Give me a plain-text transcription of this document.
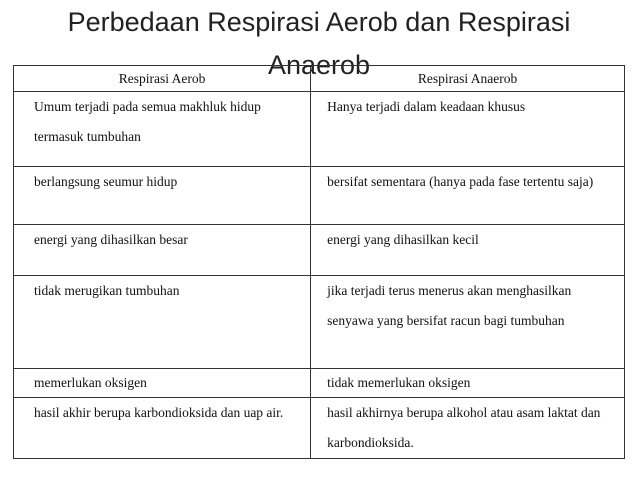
Perbedaan Respirasi Aerob dan Respirasi
Anaerob
Respirasi Aerob	Respirasi Anaerob
Umum terjadi pada semua makhluk hidup termasuk tumbuhan	Hanya terjadi dalam keadaan khusus
berlangsung seumur hidup	bersifat sementara (hanya pada fase tertentu saja)
energi yang dihasilkan besar	energi yang dihasilkan kecil
tidak merugikan tumbuhan	jika terjadi terus menerus akan menghasilkan senyawa yang bersifat racun bagi tumbuhan
memerlukan oksigen	tidak memerlukan oksigen
hasil akhir berupa karbondioksida dan uap air.	hasil akhirnya berupa alkohol atau asam laktat dan karbondioksida.
